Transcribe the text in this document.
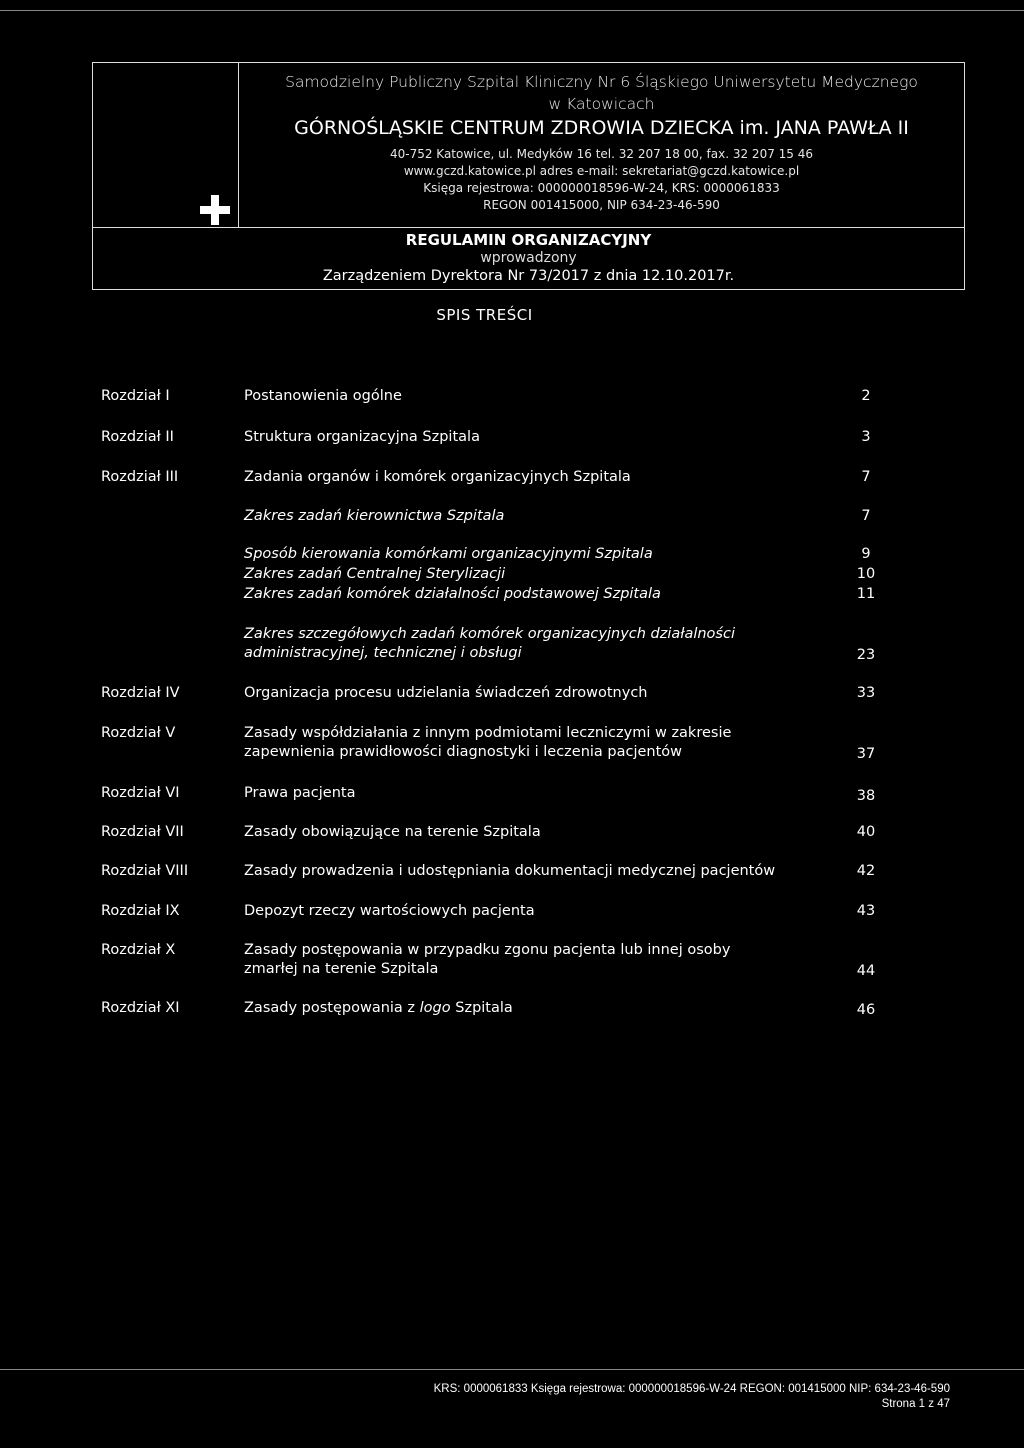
Samodzielny Publiczny Szpital Kliniczny Nr 6 Śląskiego Uniwersytetu Medycznego
w Katowicach
GÓRNOŚLĄSKIE CENTRUM ZDROWIA DZIECKA im. JANA PAWŁA II
40-752 Katowice, ul. Medyków 16 tel. 32 207 18 00, fax. 32 207 15 46
www.gczd.katowice.pl adres e-mail: sekretariat@gczd.katowice.pl
Księga rejestrowa: 000000018596-W-24, KRS: 0000061833
REGON 001415000, NIP 634-23-46-590
REGULAMIN ORGANIZACYJNY
wprowadzony
Zarządzeniem Dyrektora Nr 73/2017 z dnia 12.10.2017r.
SPIS TREŚCI
Rozdział I	Postanowienia ogólne	2
Rozdział II	Struktura organizacyjna Szpitala	3
Rozdział III	Zadania organów i komórek organizacyjnych Szpitala	7
Zakres zadań kierownictwa Szpitala	7
Sposób kierowania komórkami organizacyjnymi Szpitala	9
Zakres zadań Centralnej Sterylizacji	10
Zakres zadań komórek działalności podstawowej Szpitala	11
Zakres szczegółowych zadań komórek organizacyjnych działalności
administracyjnej, technicznej i obsługi	23
Rozdział IV	Organizacja procesu udzielania świadczeń zdrowotnych	33
Rozdział V	Zasady współdziałania z innym podmiotami leczniczymi w zakresie
zapewnienia prawidłowości diagnostyki i leczenia pacjentów	37
Rozdział VI	Prawa pacjenta	38
Rozdział VII	Zasady obowiązujące na terenie Szpitala	40
Rozdział VIII	Zasady prowadzenia i udostępniania dokumentacji medycznej pacjentów	42
Rozdział IX	Depozyt rzeczy wartościowych pacjenta	43
Rozdział X	Zasady postępowania w przypadku zgonu pacjenta lub innej osoby
zmarłej na terenie Szpitala	44
Rozdział XI	Zasady postępowania z logo Szpitala	46
KRS: 0000061833 Księga rejestrowa: 000000018596-W-24 REGON: 001415000 NIP: 634-23-46-590
Strona 1 z 47
